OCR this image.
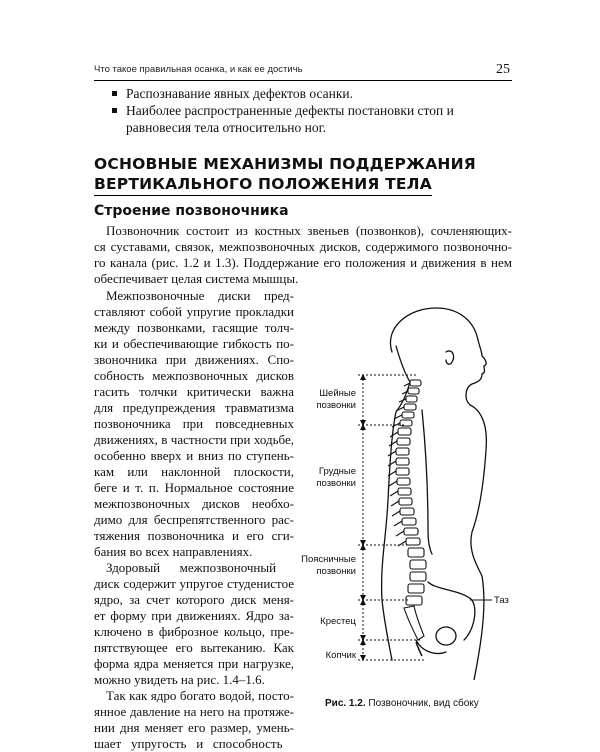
Что такое правильная осанка, и как ее достичь	25
Распознавание явных дефектов осанки.
Наиболее распространенные дефекты постановки стоп и равновесия тела относительно ног.
ОСНОВНЫЕ МЕХАНИЗМЫ ПОДДЕРЖАНИЯ
ВЕРТИКАЛЬНОГО ПОЛОЖЕНИЯ ТЕЛА
Строение позвоночника
Позвоночник состоит из костных звеньев (позвонков), сочленяющих-
ся суставами, связок, межпозвоночных дисков, содержимого позвоночно-
го канала (рис. 1.2 и 1.3). Поддержание его положения и движения в нем
обеспечивает целая система мышцы.
Межпозвоночные диски пред-
ставляют собой упругие прокладки
между позвонками, гасящие толч-
ки и обеспечивающие гибкость по-
звоночника при движениях. Спо-
собность межпозвоночных дисков
гасить толчки критически важна
для предупреждения травматизма
позвоночника при повседневных
движениях, в частности при ходьбе,
особенно вверх и вниз по ступень-
кам или наклонной плоскости,
беге и т. п. Нормальное состояние
межпозвоночных дисков необхо-
димо для беспрепятственного рас-
тяжения позвоночника и его сги-
бания во всех направлениях.
Здоровый      межпозвоночный
диск содержит упругое студенистое
ядро, за счет которого диск меня-
ет форму при движениях. Ядро за-
ключено в фиброзное кольцо, пре-
пятствующее его вытеканию. Как
форма ядра меняется при нагрузке,
можно увидеть на рис. 1.4–1.6.
Так как ядро богато водой, посто-
янное давление на него на протяже-
нии дня меняет его размер, умень-
шает   упругость   и   способность
Шейные
позвонки
Грудные
позвонки
Поясничные
позвонки
Крестец
Копчик
Таз
Рис. 1.2. Позвоночник, вид сбоку
